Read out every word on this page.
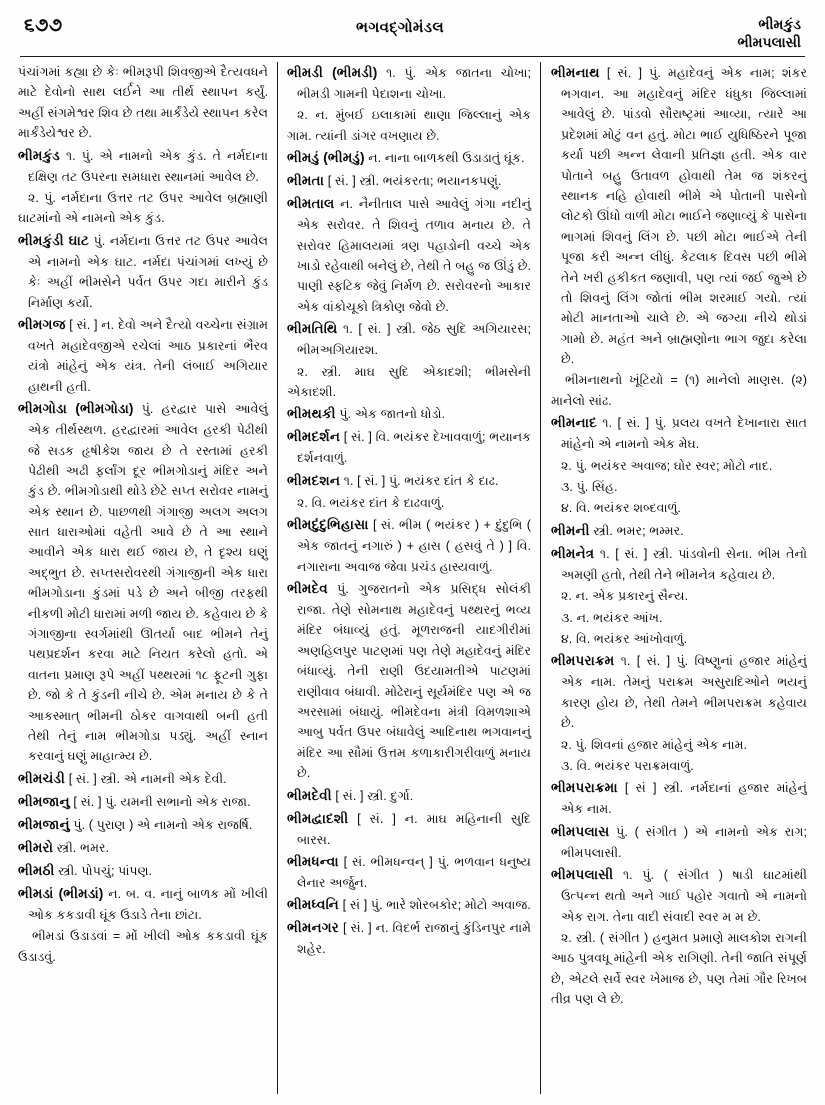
૬૭૭	ભગવદ્‌ગોમંડલ	ભીમકુંડ
ભીમપલાસી

પંચાંગમાં કહ્યા છે કેઃ ભીમરૂપી શિવજીએ દૈત્યવધને માટે દેવોનો સાથ લર્ઈને આ તીર્થ સ્થાપન કર્યું. અહીં સંગમેશ્વર શિવ છે તથા માર્કંડેયે સ્થાપન કરેલ માર્કંડેયેશ્વર છે.

ભીમકુંડ ૧. પું. એ નામનો એક કુંડ. તે નર્મદાના દક્ષિણ તટ ઉપરના સમધારા સ્થાનમાં આવેલ છે.

૨. પું. નર્મદાના ઉત્તર તટ ઉપર આવેલ બ્રહ્માણી ઘાટમાંનો એ નામનો એક કુંડ.

ભીમકુંડી ઘાટ પું. નર્મદાના ઉત્તર તટ ઉપર આવેલ એ નામનો એક ઘાટ. નર્મદા પંચાંગમાં લખ્યું છે કેઃ અહીં ભીમસેને પર્વત ઉપર ગદા મારીને કુંડ નિર્માણ કર્યો.

ભીમગજ [ સં. ] ન. દેવો અને દૈત્યો વચ્ચેના સંગ્રામ વખતે મહાદેવજીએ રચેલાં આઠ પ્રકારનાં ભૈરવ યંત્રો માંહેનું એક યંત્ર. તેની લંબાઈ અગિયાર હાથની હતી.

ભીમગોડા (ભીમગોડા) પું. હરદ્વાર પાસે આવેલું એક તીર્થસ્થળ. હરદ્વારમાં આવેલ હરકી પેઢીથી જે સડક હૃષીકેશ જાય છે તે રસ્તામાં હરકી પેઢીથી અઢી ફર્લાંગ દૂર ભીમગોડાનું મંદિર અને કુંડ છે. ભીમગોડાથી થોડે છેટે સપ્ત સરોવર નામનું એક સ્થાન છે. પાછળથી ગંગાજી અલગ અલગ સાત ધારાઓમાં વહેતી આવે છે તે આ સ્થાને આવીને એક ધારા થઈ જાય છે, તે દૃશ્ય ઘણું અદ્‌ભુત છે. સપ્તસરોવરથી ગંગાજીની એક ધારા ભીમગોડાના કુંડમાં પડે છે અને બીજી તરફથી નીકળી મોટી ધારામાં મળી જાય છે. કહેવાય છે કે ગંગાજીના સ્વર્ગમાંથી ઊતર્યા બાદ ભીમને તેનું પથપ્રદર્શન કરવા માટે નિયત કરેલો હતો. એ વાતના પ્રમાણ રૂપે અહીં પથ્થરમાં ૧૮ ફૂટની ગુફા છે. જો કે તે કુંડની નીચે છે. એમ મનાય છે કે તે આકસ્માત્ ભીમની ઠોકર વાગવાથી બની હતી તેથી તેનું નામ ભીમગોડા પડ્યું. અહીં સ્નાન કરવાનું ઘણું માહાત્મ્ય છે.

ભીમચંડી [ સં. ] સ્ત્રી. એ નામની એક દેવી.

ભીમજાનુ [ સં. ] પું. યમની સભાનો એક રાજા.

ભીમજાનું પું. ( પુરાણ ) એ નામનો એક રાજર્ષિ.

ભીમરો સ્ત્રી. ભમર.

ભીમઠી સ્ત્રી. પોપચું; પાંપણ.

ભીમડાં (ભીમડાં) ન. બ. વ. નાનું બાળક મોં ખીલી ઓક કકડાવી ઘૂંક ઉડાડે તેના છાંટા.

ભીમડાં ઉડાડવાં = મોં ખીલી ઓક કકડાવી ઘૂંક ઉડાડવું.

ભીમડી (ભીમડી) ૧. પું. એક જાતના ચોખા; ભીમડી ગામની પેદાશના ચોખા.

૨. ન. મુંબઈ ઇલાકામાં થાણા જિલ્લાનું એક ગામ. ત્યાંની ડાંગર વખણાય છે.

ભીમડું (ભીમડું) ન. નાના બાળકથી ઉડાડાતું ઘૂંક.

ભીમતા [ સં. ] સ્ત્રી. ભયંકરતા; ભયાનકપણું.

ભીમતાલ ન. નૈનીતાલ પાસે આવેલું ગંગા નદીનું એક સરોવર. તે શિવનું તળાવ મનાય છે. તે સરોવર હિમાલયમાં ત્રણ પહાડોની વચ્ચે એક ખાડો રહેવાથી બનેલું છે, તેથી તે બહુ જ ઊંડું છે. પાણી સ્ફટિક જેવું નિર્મળ છે. સરોવરનો આકાર એક વાંકોચૂકો ત્રિકોણ જેવો છે.

ભીમતિથિ ૧. [ સં. ] સ્ત્રી. જેઠ સુદિ અગિયારસ; ભીમઅગિયારશ.

૨. સ્ત્રી. માઘ સુદિ એકાદશી; ભીમસેની એકાદશી.

ભીમથકી પું. એક જાતનો ધોડો.

ભીમદર્શન [ સં. ] વિ. ભયંકર દેખાવવાળું; ભયાનક દર્શનવાળું.

ભીમદશન ૧. [ સં. ] પું. ભયંકર દાંત કે દાઢ.

૨. વિ. ભયંકર દાંત કે દાઢવાળું.

ભીમદુંદુભિહાસા [ સં. ભીમ ( ભયંકર ) + દુંદુભિ ( એક જાતનું નગારું ) + હાસ ( હસવું તે ) ] વિ. નગારાના અવાજ જેવા પ્રચંડ હાસ્યવાળું.

ભીમદેવ પું. ગુજરાતનો એક પ્રસિદ્ધ સોલંકી રાજા. તેણે સોમનાથ મહાદેવનું પથ્થરનું ભવ્ય મંદિર બંધાવ્યું હતું. મૂળરાજની યાદગીરીમાં અણહિલપુર પાટણમાં પણ તેણે મહાદેવનું મંદિર બંધાવ્યું. તેની રાણી ઉદયામતીએ પાટણમાં રાણીવાવ બંધાવી. મોઢેરાનું સૂર્યમંદિર પણ એ જ અરસામાં બંધાયું. ભીમદેવના મંત્રી વિમળશાએ આબુ પર્વત ઉપર બંધાવેલું આદિનાથ ભગવાનનું મંદિર આ સૌમાં ઉત્તમ કળાકારીગરીવાળું મનાય છે.

ભીમદેવી [ સં. ] સ્ત્રી. દુર્ગા.

ભીમદ્વાદશી [ સં. ] ન. માઘ મહિનાની સુદિ બારસ.

ભીમધન્વા [ સં. ભીમધન્વન્ ] પું. ભળવાન ધનુષ્ય લેનાર અર્જુન.

ભીમધ્વનિ [ સં ] પું. ભારે શોરબકોર; મોટો અવાજ.

ભીમનગર [ સં. ] ન. વિદર્ભ રાજાનું કુંડિનપુર નામે શહેર.

ભીમનાથ [ સં. ] પું. મહાદેવનું એક નામ; શંકર ભગવાન. આ મહાદેવનું મંદિર ધંધુકા જિલ્લામાં આવેલું છે. પાંડવો સૌરાષ્ટ્રમાં આવ્યા, ત્યારે આ પ્રદેશમાં મોટું વન હતું. મોટા ભાઈ યુધિષ્ઠિરને પૂજા કર્યા પછી અન્ન લેવાની પ્રતિજ્ઞા હતી. એક વાર પોતાને બહુ ઉતાવળ હોવાથી તેમ જ શંકરનું સ્થાનક નહિ હોવાથી ભીમે એ પોતાની પાસેનો લોટકો ઊંધો વાળી મોટા ભાઈને જણાવ્યું કે પાસેના ભાગમાં શિવનું લિંગ છે. પછી મોટા ભાઈએ તેની પૂજા કરી અન્ન લીધું. કેટલાક દિવસ પછી ભીમે તેને ખરી હકીકત જણાવી, પણ ત્યાં જઈ જુએ છે તો શિવનું લિંગ જોતાં ભીમ શરમાઈ ગયો. ત્યાં મોટી માનતાઓ ચાલે છે. એ જગ્યા નીચે થોડાં ગામો છે. મહંત અને બ્રાહ્મણોના ભાગ જુદા કરેલા છે.

ભીમનાથનો ખૂંટિયો = (૧) માનેલો માણસ. (૨) માનેલો સાંઢ.

ભીમનાદ ૧. [ સં. ] પું. પ્રલય વખતે દેખાનારા સાત માંહેનો એ નામનો એક મેઘ.

૨. પું. ભયંકર અવાજ; ઘોર સ્વર; મોટો નાદ.

૩. પું. સિંહ.

૪. વિ. ભયંકર શબ્દવાળું.

ભીમની સ્ત્રી. ભમર; ભમ્મર.

ભીમનેત્ર ૧. [ સં. ] સ્ત્રી. પાંડવોની સેના. ભીમ તેનો અમણી હતો, તેથી તેને ભીમનેત્ર કહેવાય છે.

૨. ન. એક પ્રકારનું સૈન્ય.

૩. ન. ભયંકર આંખ.

૪. વિ. ભયંકર આંખોવાળું.

ભીમપરાક્રમ ૧. [ સં. ] પું. વિષ્ણુનાં હજાર માંહેનું એક નામ. તેમનું પરાક્રમ અસુરાદિઓને ભયનું કારણ હોય છે, તેથી તેમને ભીમપરાક્રમ કહેવાય છે.

૨. પું. શિવનાં હજાર માંહેનું એક નામ.

૩. વિ. ભયંકર પરાક્રમવાળું.

ભીમપરાક્રમા [ સં ] સ્ત્રી. નર્મદાનાં હજાર માંહેનું એક નામ.

ભીમપલાસ પું. ( સંગીત ) એ નામનો એક રાગ; ભીમપલાસી.

ભીમપલાસી ૧. પું. ( સંગીત ) ષાડી ઘાટમાંથી ઉત્પન્ન થતો અને ગાઈ પહોર ગવાતો એ નામનો એક રાગ. તેના વાદી સંવાદી સ્વર મ મ છે.

૨. સ્ત્રી. ( સંગીત ) હનુમત પ્રમાણે માલકોશ રાગની આઠ પુત્રવધૂ માંહેની એક રાગિણી. તેની જાતિ સંપૂર્ણ છે, એટલે સર્વે સ્વર ખેમાજ છે, પણ તેમાં ગૌર રિખબ તીવ્ર પણ લે છે.
